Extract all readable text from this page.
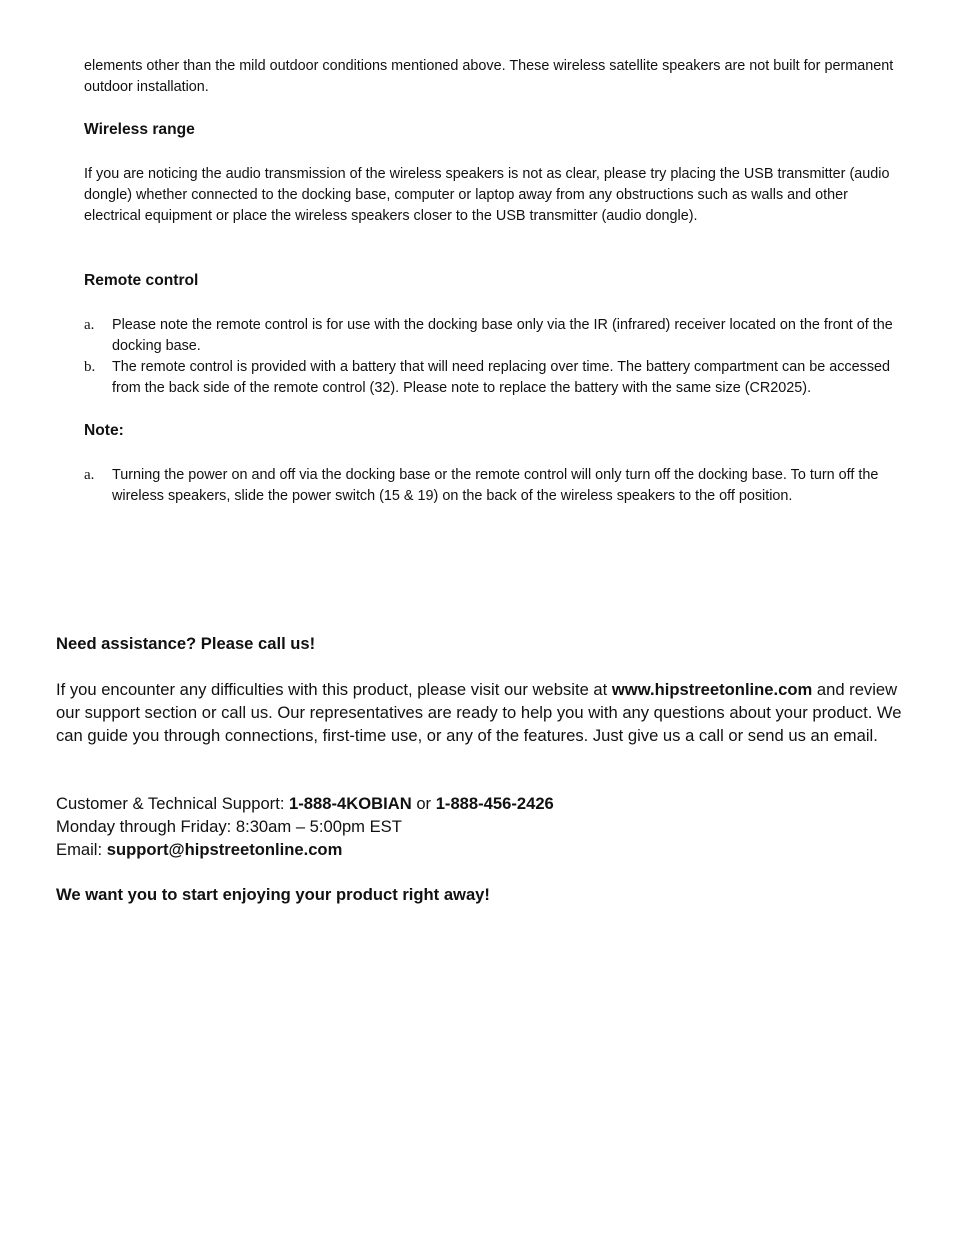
elements other than the mild outdoor conditions mentioned above. These wireless satellite speakers are not built for permanent outdoor installation.

Wireless range

If you are noticing the audio transmission of the wireless speakers is not as clear, please try placing the USB transmitter (audio dongle) whether connected to the docking base, computer or laptop away from any obstructions such as walls and other electrical equipment or place the wireless speakers closer to the USB transmitter (audio dongle).

Remote control
a. Please note the remote control is for use with the docking base only via the IR (infrared) receiver located on the front of the docking base.
b. The remote control is provided with a battery that will need replacing over time. The battery compartment can be accessed from the back side of the remote control (32). Please note to replace the battery with the same size (CR2025).
Note:
a. Turning the power on and off via the docking base or the remote control will only turn off the docking base. To turn off the wireless speakers, slide the power switch (15 & 19) on the back of the wireless speakers to the off position.
Need assistance? Please call us!

If you encounter any difficulties with this product, please visit our website at www.hipstreetonline.com and review our support section or call us. Our representatives are ready to help you with any questions about your product. We can guide you through connections, first-time use, or any of the features. Just give us a call or send us an email.

Customer & Technical Support: 1-888-4KOBIAN or 1-888-456-2426

Monday through Friday: 8:30am – 5:00pm EST

Email: support@hipstreetonline.com

We want you to start enjoying your product right away!
